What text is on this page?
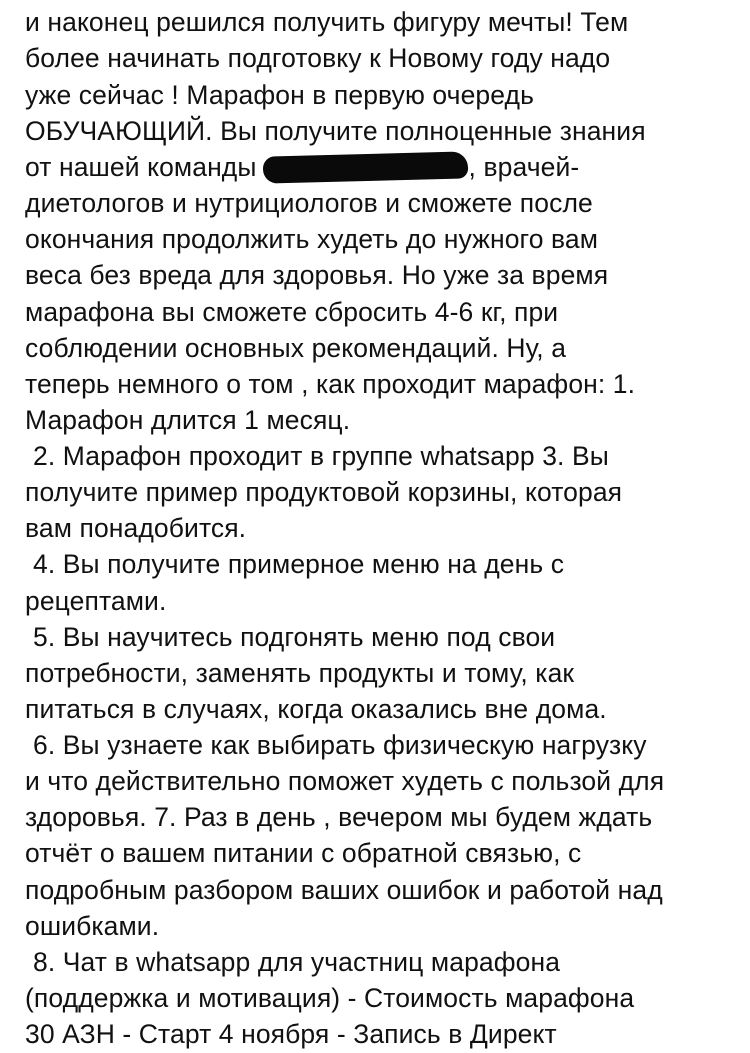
и наконец решился получить фигуру мечты! Тем
более начинать подготовку к Новому году надо
уже сейчас ! Марафон в первую очередь
ОБУЧАЮЩИЙ. Вы получите полноценные знания
от нашей команды	, врачей-
диетологов и нутрициологов и сможете после
окончания продолжить худеть до нужного вам
веса без вреда для здоровья. Но уже за время
марафона вы сможете сбросить 4-6 кг, при
соблюдении основных рекомендаций. Ну, а
теперь немного о том , как проходит марафон: 1.
Марафон длится 1 месяц.
2. Марафон проходит в группе whatsapp 3. Вы
получите пример продуктовой корзины, которая
вам понадобится.
4. Вы получите примерное меню на день с
рецептами.
5. Вы научитесь подгонять меню под свои
потребности, заменять продукты и тому, как
питаться в случаях, когда оказались вне дома.
6. Вы узнаете как выбирать физическую нагрузку
и что действительно поможет худеть с пользой для
здоровья. 7. Раз в день , вечером мы будем ждать
отчёт о вашем питании с обратной связью, с
подробным разбором ваших ошибок и работой над
ошибками.
8. Чат в whatsapp для участниц марафона
(поддержка и мотивация) - Стоимость марафона
30 АЗН - Старт 4 ноября - Запись в Директ
